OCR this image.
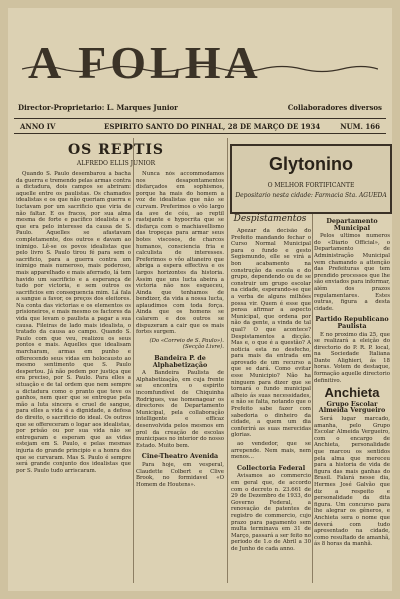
A FOLHA
Director-Proprietario: L. Marques Junior	Collaboradores diversos
ANNO IV	ESPIRITO SANTO DO PINHAL, 28 DE MARÇO DE 1934	NUM. 166
OS REPTIS
ALFREDO ELLIS JUNIOR

Quando S. Paulo desembarou a bacha da guerra e tremendo pelas armas contra a dictadura, dois campos se abriram: aquelle entre os paulistas. Os chamados idealistas e os que não queriam guerra e luctavam por um sacrificio que viria de não faltar. E os fracos, por sua alma mesma de forte e pacífico idealista e o que era pelo interesse da causa de S. Paulo. Aquelles se afastavam completamente, dos outros e davam ao inimigo. Lê-se os povos idealistas que pelo livro S. Paulo tirou fé para sem o sacrificio, para a guerra contra um inimigo mais numeroso, mais poderoso, mais apparelhado e mais aferrado, lá tem havido um sacrificio e a esperança de tudo por victoria, e sem outros os sacrificios em consequencia mim. Lá fala a sangue a favor, os preços dos eleitores. Na conta das victorias e os elementos os prisioneiros, e mais mesmo os factores da vida que levam o paulista a pagar a sua causa. Fileiras de lado mais idealista, o tratado da causa ao campo. Quando S. Paulo com que veu, realizou os seus pontos e mais. Aquelles que idealisam marcharam, armas em punho e offerecendo seus vidas em holocausto ao mesmo sentimento que S. Paulo despertou. Já não pedem por justiça que era preciso, por S. Paulo. Para elles a situação e de tal ordem que nem sempre a dictadura como o pranto que teve os ganhos, nem quer que se entregue pela mão a luta sincera e cruel de sangue, para elles a vida é a dignidade, a defesa do direito, o sacrificio do ideal. Os outros que se offereceram o logar aos idealistas, por prisão ou por sua vida não se entregaram e esperam que as vidas estejam em S. Paulo, e pelas mesmas injuria do grande principio e a honra dos que se curvaram. Mas S. Paulo é sempre será grande conjunto dos idealistas que por S. Paulo tudo arriscaram.

Nunca nós accommodamos nos desapontamentos disfarçados em sophismos, porque ha mais do homem a voz de idealistas que não se curvam. Preferimos o vôo largo da ave de céu, ao reptil rastejante e hypocrita que se disfarça com o machiavellismo das tropeças para armar seus botes viscosos, de charcos humanos, consciencia fria e calculista de interesses. Preferimos o vôo altaneiro que abriga a espera effectiva e os largos horizontes da historia. Assim que uns lucta abeira a victoria não nos esqueceu, Ainda que tenhamos de bendizer, da vida a nossa lucta, aplaudimos com toda força. Ainda que os homens se calarem e dos outros se dispuzeram a cair que os mais fortes surgem.

(Do «Correio de S. Paulo»).
(Secção Livre).
Bandeira P. de Alphabetização

A Bandeira Paulista de Alphabetização, em cuja frente se encontra o espirito incomfundível de Chiquinha Rodrigues, vae homenagear os directores de Departamento Municipal, pela collaboração intelligente e efficaz desenvolvida pelos mesmos em prol da creação de escolas municipaes no interior do nosso Estado. Muito bem.

Cine-Theatro Avenida

Para hoje, em vesperal, Claudette Colbert e Clive Brook, no formidavel «O Homem de Houtens».

Glytonino
O MELHOR FORTIFICANTE
Depositario nesta cidade: Farmacia Sta. AGUEDA
Despistamentos

Apezar da decisão do Prefeito mandando fechar o Curso Normal Municipal para o fundo e gesto Segismundo, elle se virá a bon acabamento na construção da escola e do grupo, dependendo ou de se construir um grupo escolar na cidade, esperando-se que a verba de alguns milhões possa vir. Quem é esse que pensa afirmar a aspecto Municipal, que ordena por não da gente, a vinda de tal qual? O que acontece? Despistamentos a dicção. Mas e, o que é a questão? A noticia esta no desfecho, para mais da entrada em aprovado de um recurso a que se dará. Como evitar esse Municipio? Não ha ninguem para dizer que se tornará o fundo municipal alheio ás suas necessidades, e não se falta, notando que o Prefeito sabe fazer com sabedoria o dinheiro da cidade, a quem um dia conferirá as suas merecidas glorias.

ao vendedor, que se arrepende. Nem mais, nem menos...

Collectoria Federal

Avisamos ao commercio em geral que, de accordo com o decreto n. 23.661 de 29 de Dezembro de 1933, do Governo Federal, a renovação de patentes de registro de commercio, cujo prazo para pagamento sem multa terminava em 31 de Março, passará a ser feito no periodo de 1.o de Abril a 30 de Junho de cada anno.

Departamento Municipal

Pelos ultimos numeros do «Diario Official», o Departamento de Administração Municipal vem chamando a attenção das Prefeituras que tem prendido processos que lhe são enviados para informar, além dos prazos regulamentares. Estes outras, figura a desta cidade.

Partido Republicano Paulista

E no proximo dia 25, que se realizará a eleição do directorio do P. R. P. local, na Sociedade Italiana Dante Alighieri, ás 18 horas. Votem de destaque, formação aquelle directorio definitivo.

Anchieta
Grupo Escolar Almeida Vergueiro

Será lugar marcado, amanha, pelo Grupo Escolar Almeida Vergueiro, com o encargo de Anchieta, personalidade que marcou os sentidos pela alma que mereceu para a historia de vida de figura das mais ganhas do Brasil. Falará nesse dia, Hermes José Galvão que diz a respeito e personalidade da dita figura. Um concurso para lhe alegrar os gêneros, e Anchieta sera o nome que deverá com tudo apresentado na cidade, como resultado de amanhã, ás 8 horas da manhã.
